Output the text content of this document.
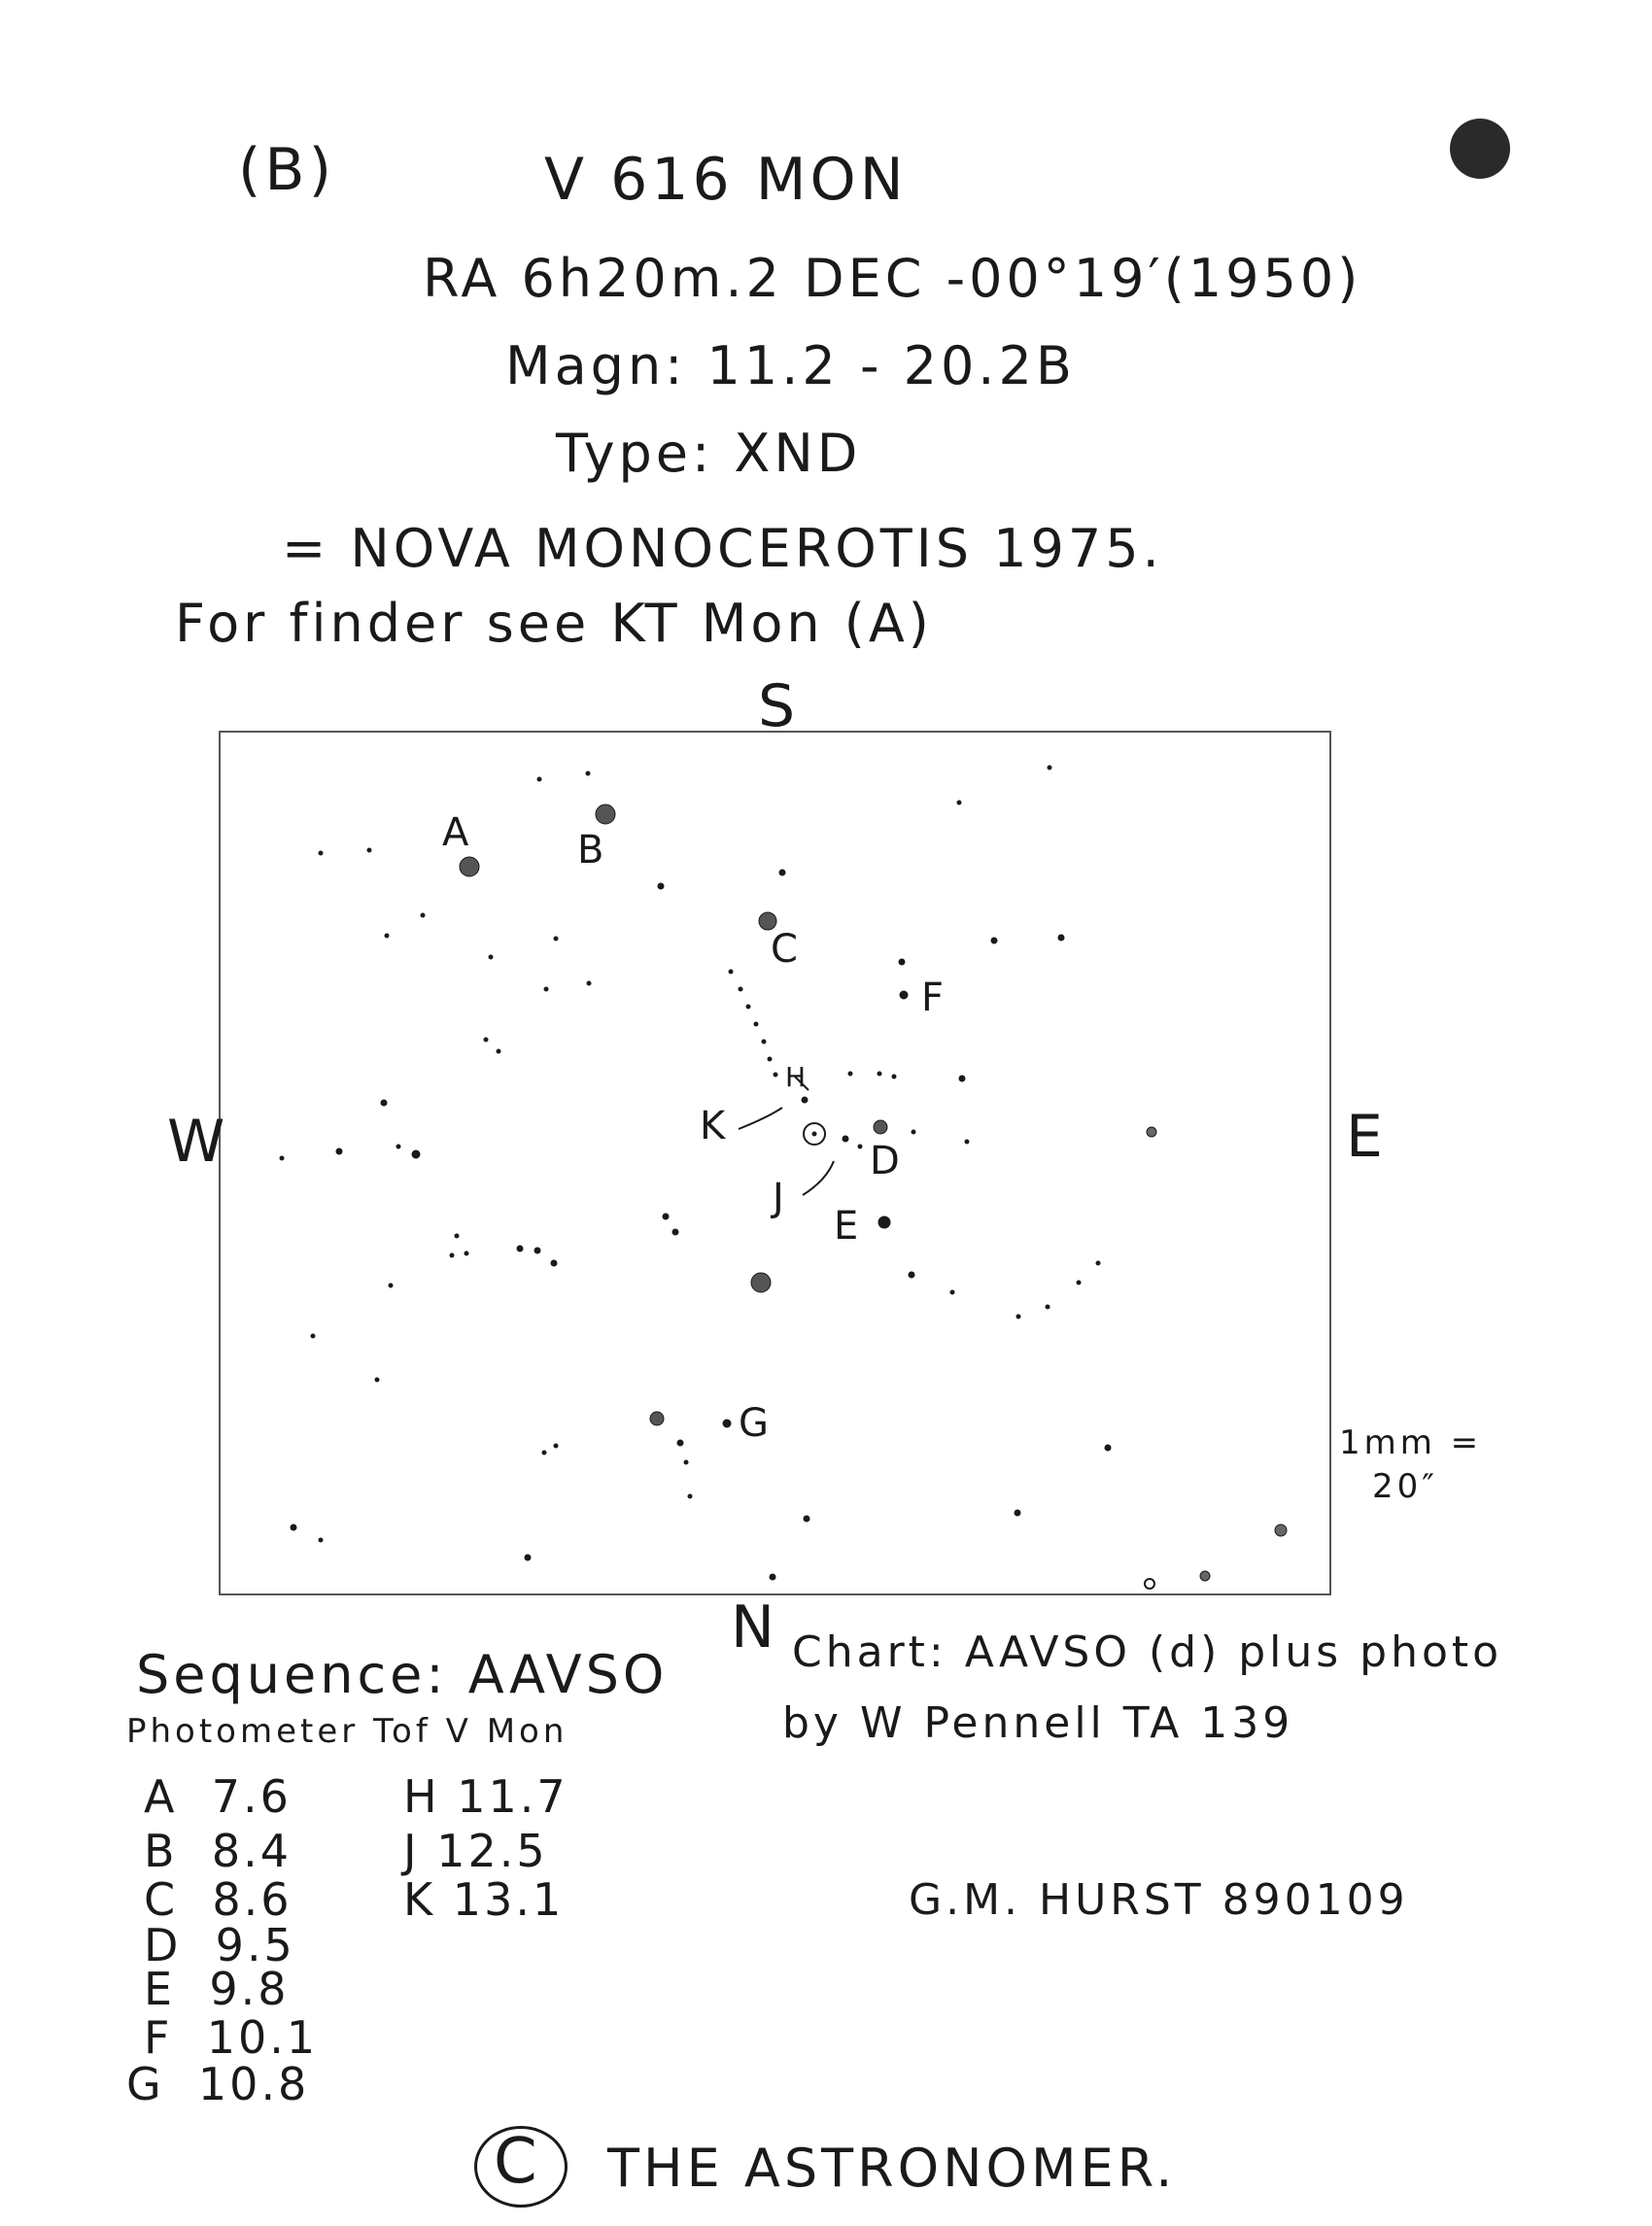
(B)	V 616 MON
RA 6h20m.2 DEC -00°19′(1950)
Magn: 11.2 - 20.2B
Type: XND
= NOVA MONOCEROTIS 1975.
For finder see KT Mon (A)
S
N
W	E
1mm =
20″
A	B
C
F
H
K
D
J
E
G
Sequence: AAVSO
Photometer Tof V Mon
A 7.6
B 8.4
C 8.6
D 9.5
E 9.8
F 10.1
G 10.8
H 11.7
J 12.5
K 13.1
Chart: AAVSO (d) plus photo
by W Pennell TA 139
G.M. HURST 890109
C THE ASTRONOMER.
